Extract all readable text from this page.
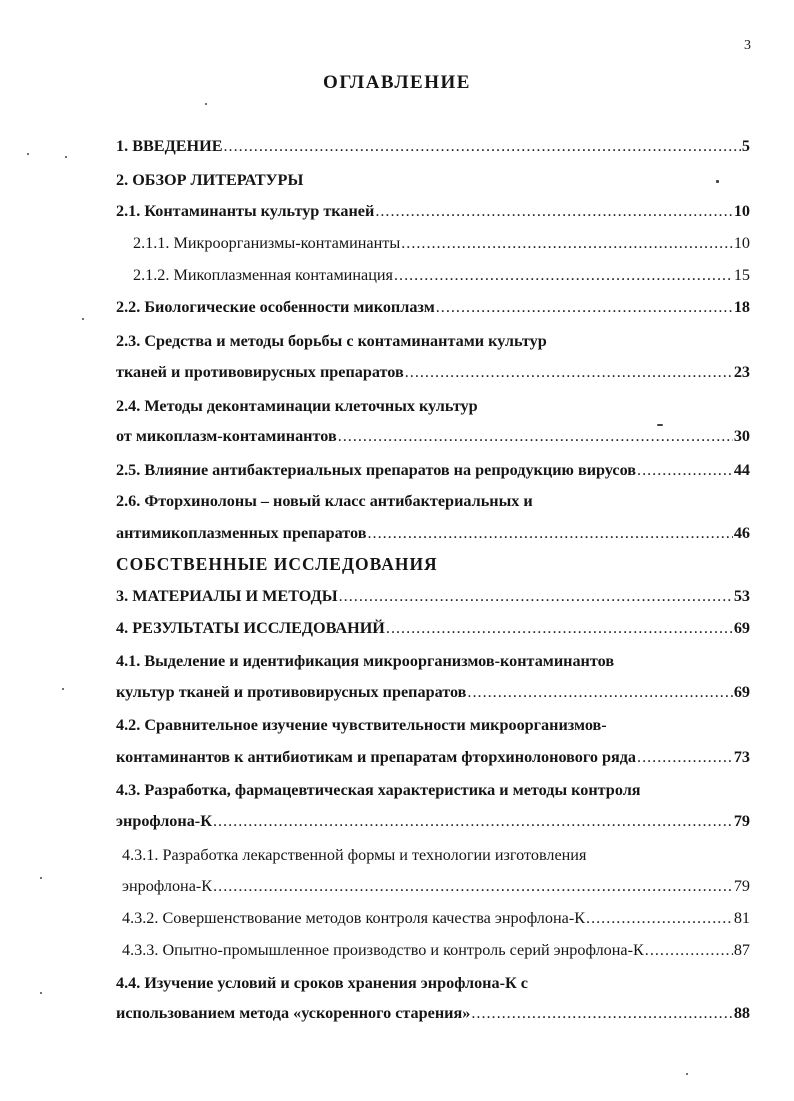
3
ОГЛАВЛЕНИЕ
1. ВВЕДЕНИЕ .....	5
2. ОБЗОР ЛИТЕРАТУРЫ
2.1. Контаминанты культур тканей .....	10
2.1.1. Микроорганизмы-контаминанты .....	10
2.1.2. Микоплазменная контаминация .....	15
2.2. Биологические особенности микоплазм .....	18
2.3. Средства и методы борьбы с контаминантами культур
тканей и противовирусных препаратов .....	23
2.4. Методы деконтаминации клеточных культур
от микоплазм-контаминантов .....	30
2.5. Влияние антибактериальных препаратов на репродукцию вирусов .....	44
2.6. Фторхинолоны – новый класс антибактериальных и
антимикоплазменных препаратов .....	46
СОБСТВЕННЫЕ ИССЛЕДОВАНИЯ
3. МАТЕРИАЛЫ И МЕТОДЫ .....	53
4. РЕЗУЛЬТАТЫ ИССЛЕДОВАНИЙ .....	69
4.1. Выделение и идентификация микроорганизмов-контаминантов
культур тканей и противовирусных препаратов .....	69
4.2. Сравнительное изучение чувствительности микроорганизмов-
контаминантов к антибиотикам и препаратам фторхинолонового ряда .....	73
4.3. Разработка, фармацевтическая характеристика и методы контроля
энрофлона-К .....	79
4.3.1. Разработка лекарственной формы и технологии изготовления
энрофлона-К .....	79
4.3.2. Совершенствование методов контроля качества энрофлона-К .....	81
4.3.3. Опытно-промышленное производство и контроль серий энрофлона-К .....	87
4.4. Изучение условий и сроков хранения энрофлона-К с
использованием метода «ускоренного старения» .....	88
